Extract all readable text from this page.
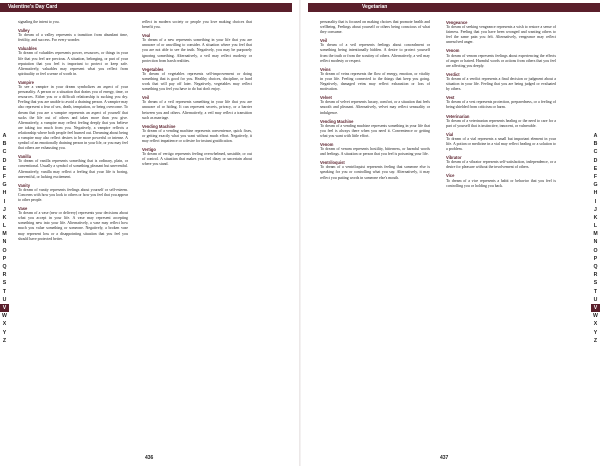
Valentine's Day Card

signaling the intent to you.

Valley

To dream of a valley represents a transition from abundant time, fertility, and success. For every wonder.

Valuables

To dream of valuables represents power, resources, or things in your life that you feel are precious. A situation, belonging, or part of your reputation that you feel is important to protect or keep safe. Alternatively, valuables may represent what you reflect from spirituality or feel a sense of worth in.

Vampire

To see a vampire in your dream symbolizes an aspect of your personality. A person or a situation that drains you of energy, time, or resources. Either you or a difficult relationship is sucking you dry. Feeling that you are unable to avoid a draining person. A vampire may also represent a fear of sex, death, temptation, or being overcome. To dream that you are a vampire represents an aspect of yourself that sucks the life out of others and takes more than you give. Alternatively, a vampire may reflect feeling deeply that you believe are taking too much from you. Negatively, a vampire reflects a relationship where both people feel burned out. Dreaming about being a vampire may also reflect desires to be more powerful or intense. A symbol of an emotionally draining person in your life, or you may feel that others are exhausting you.

Vanilla

To dream of vanilla represents something that is ordinary, plain, or conventional. Usually a symbol of something pleasant but uneventful. Alternatively, vanilla may reflect a feeling that your life is boring, uneventful, or lacking excitement.

Vanity

To dream of vanity represents feelings about yourself or self-esteem. Concerns with how you look to others or how you feel that you appear to other people.

Vase

To dream of a vase (new or delivery) represents your decisions about what you accept in your life. A vase may represent accepting something new into your life. Alternatively, a vase may reflect how much you value something or someone. Negatively, a broken vase may represent loss or a disappointing situation that you feel you should have protected better.

reflect in modern society or people you love making choices that benefit you.

Veal

To dream of a new represents something in your life that you are unaware of or unwilling to consider. A situation where you feel that you are not able to see the truth. Negatively, you may be purposely ignoring something. Alternatively, a veil may reflect modesty or protection from harsh realities.

Vegetables

To dream of vegetables represents self-improvement or doing something that is good for you. Healthy choices, discipline, or hard work that will pay off later. Negatively, vegetables may reflect something you feel you have to do but don't enjoy.

Veil

To dream of a veil represents something in your life that you are unaware of or hiding. It can represent secrets, privacy, or a barrier between you and others. Alternatively, a veil may reflect a transition such as marriage.

Vending Machine

To dream of a vending machine represents convenience, quick fixes, or getting exactly what you want without much effort. Negatively, it may reflect impatience or a desire for instant gratification.

Vertigo

To dream of vertigo represents feeling overwhelmed, unstable, or out of control. A situation that makes you feel dizzy or uncertain about where you stand.

A
B
C
D
E
F
G
H
I
J
K
L
M
N
O
P
Q
R
S
T
U
V
W
X
Y
Z
436
Vegetarian

personality that is focused on making choices that promote health and wellbeing. Feelings about yourself or others being conscious of what they consume.

Veil

To dream of a veil represents feelings about concealment or something being intentionally hidden. A desire to protect yourself from the truth or from the scrutiny of others. Alternatively, a veil may reflect modesty or respect.

Veins

To dream of veins represents the flow of energy, emotion, or vitality in your life. Feeling connected to the things that keep you going. Negatively, damaged veins may reflect exhaustion or loss of motivation.

Velvet

To dream of velvet represents luxury, comfort, or a situation that feels smooth and pleasant. Alternatively, velvet may reflect sensuality or indulgence.

Vending Machine

To dream of a vending machine represents something in your life that you feel is always there when you need it. Convenience or getting what you want with little effort.

Venom

To dream of venom represents hostility, bitterness, or harmful words and feelings. A situation or person that you feel is poisoning your life.

Ventriloquist

To dream of a ventriloquist represents feeling that someone else is speaking for you or controlling what you say. Alternatively, it may reflect you putting words in someone else's mouth.

Vengeance

To dream of seeking vengeance represents a wish to restore a sense of fairness. Feeling that you have been wronged and wanting others to feel the same pain you felt. Alternatively, vengeance may reflect unresolved anger.

Venom

To dream of venom represents feelings about experiencing the effects of anger or hatred. Harmful words or actions from others that you feel are affecting you deeply.

Verdict

To dream of a verdict represents a final decision or judgment about a situation in your life. Feeling that you are being judged or evaluated by others.

Vest

To dream of a vest represents protection, preparedness, or a feeling of being shielded from criticism or harm.

Veterinarian

To dream of a veterinarian represents healing or the need to care for a part of yourself that is instinctive, innocent, or vulnerable.

Vial

To dream of a vial represents a small but important element in your life. A potion or medicine in a vial may reflect healing or a solution to a problem.

Vibrator

To dream of a vibrator represents self-satisfaction, independence, or a desire for pleasure without the involvement of others.

Vice

To dream of a vice represents a habit or behavior that you feel is controlling you or holding you back.

A
B
C
D
E
F
G
H
I
J
K
L
M
N
O
P
Q
R
S
T
U
V
W
X
Y
Z
437
